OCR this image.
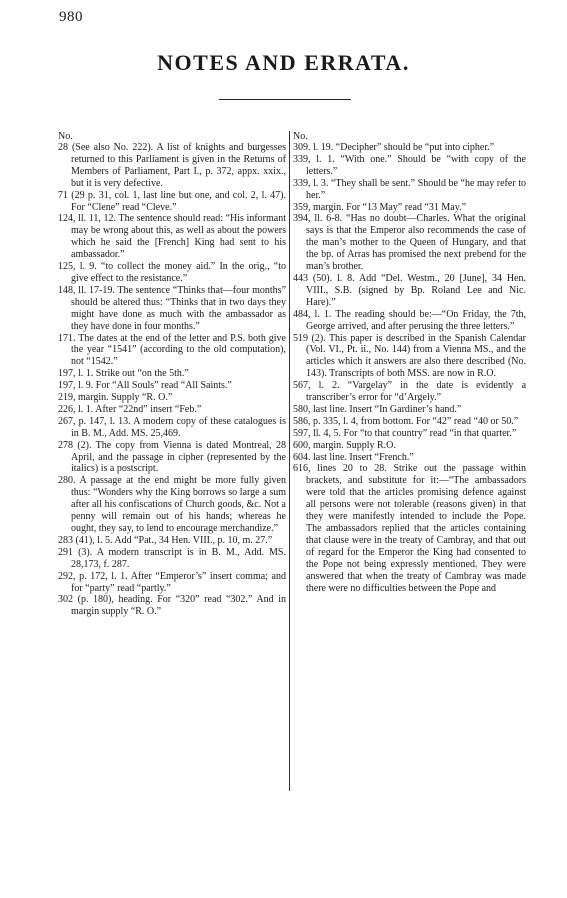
980
NOTES AND ERRATA.
No.
28 (See also No. 222). A list of knights and burgesses returned to this Parliament is given in the Returns of Members of Parliament, Part I., p. 372, appx. xxix., but it is very defective.
71 (29 p. 31, col. 1, last line but one, and col. 2, l. 47). For “Clene” read “Cleve.”
124, ll. 11, 12. The sentence should read: “His informant may be wrong about this, as well as about the powers which he said the [French] King had sent to his ambassador.”
125, l. 9. “to collect the money aid.” In the orig., “to give effect to the resistance.”
148, ll. 17-19. The sentence “Thinks that—four months” should be altered thus: “Thinks that in two days they might have done as much with the ambassador as they have done in four months.”
171. The dates at the end of the letter and P.S. both give the year “1541” (according to the old computation), not “1542.”
197, l. 1. Strike out “on the 5th.”
197, l. 9. For “All Souls” read “All Saints.”
219, margin. Supply “R. O.”
226, l. 1. After “22nd” insert “Feb.”
267, p. 147, l. 13. A modern copy of these catalogues is in B. M., Add. MS. 25,469.
278 (2). The copy from Vienna is dated Montreal, 28 April, and the passage in cipher (represented by the italics) is a postscript.
280. A passage at the end might be more fully given thus: “Wonders why the King borrows so large a sum after all his confiscations of Church goods, &c. Not a penny will remain out of his hands; whereas he ought, they say, to lend to encourage merchandize.”
283 (41), l. 5. Add “Pat., 34 Hen. VIII., p. 10, m. 27.”
291 (3). A modern transcript is in B. M., Add. MS. 28,173, f. 287.
292, p. 172, l. 1. After “Emperor’s” insert comma; and for “party” read “partly.”
302 (p. 180), heading. For “320” read “302.” And in margin supply “R. O.”
No.
309. l. 19. “Decipher” should be “put into cipher.”
339, l. 1. “With one.” Should be “with copy of the letters.”
339, l. 3. “They shall be sent.” Should be “he may refer to her.”
359, margin. For “13 May” read “31 May.”
394, ll. 6-8. “Has no doubt—Charles. What the original says is that the Emperor also recommends the case of the man’s mother to the Queen of Hungary, and that the bp. of Arras has promised the next prebend for the man’s brother.
443 (50). l. 8. Add “Del. Westm., 20 [June], 34 Hen. VIII., S.B. (signed by Bp. Roland Lee and Nic. Hare).”
484, l. 1. The reading should be:—“On Friday, the 7th, George arrived, and after perusing the three letters.”
519 (2). This paper is described in the Spanish Calendar (Vol. VI., Pt. ii., No. 144) from a Vienna MS., and the articles which it answers are also there described (No. 143). Transcripts of both MSS. are now in R.O.
567, l. 2. “Vargelay” in the date is evidently a transcriber’s error for “d’Argely.”
580, last line. Insert “In Gardiner’s hand.”
586, p. 335, l. 4, from bottom. For “42” read “40 or 50.”
597, ll. 4, 5. For “to that country” read “in that quarter.”
600, margin. Supply R.O.
604. last line. Insert “French.”
616, lines 20 to 28. Strike out the passage within brackets, and substitute for it:—“The ambassadors were told that the articles promising defence against all persons were not tolerable (reasons given) in that they were manifestly intended to include the Pope. The ambassadors replied that the articles containing that clause were in the treaty of Cambray, and that out of regard for the Emperor the King had consented to the Pope not being expressly mentioned. They were answered that when the treaty of Cambray was made there were no difficulties between the Pope and
